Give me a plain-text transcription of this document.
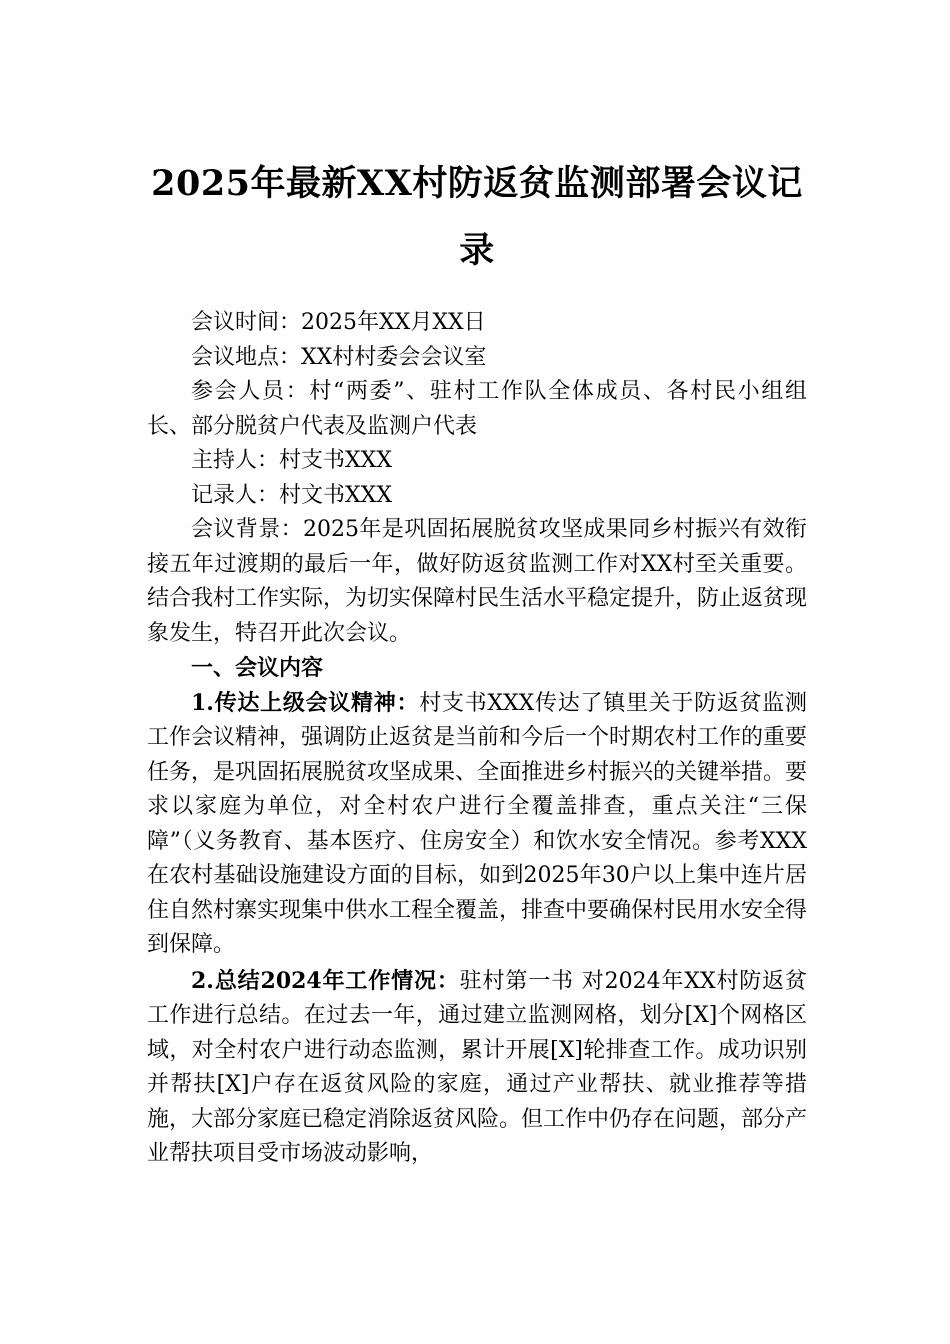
2025年最新XX村防返贫监测部署会议记录

会议时间：2025年XX月XX日

会议地点：XX村村委会会议室

参会人员：村“两委”、驻村工作队全体成员、各村民小组组长、部分脱贫户代表及监测户代表

主持人：村支书XXX

记录人：村文书XXX

会议背景：2025年是巩固拓展脱贫攻坚成果同乡村振兴有效衔接五年过渡期的最后一年，做好防返贫监测工作对XX村至关重要。结合我村工作实际，为切实保障村民生活水平稳定提升，防止返贫现象发生，特召开此次会议。

一、会议内容

1.传达上级会议精神：村支书XXX传达了镇里关于防返贫监测工作会议精神，强调防止返贫是当前和今后一个时期农村工作的重要任务，是巩固拓展脱贫攻坚成果、全面推进乡村振兴的关键举措。要求以家庭为单位，对全村农户进行全覆盖排查，重点关注“三保障”（义务教育、基本医疗、住房安全）和饮水安全情况。参考XXX在农村基础设施建设方面的目标，如到2025年30户以上集中连片居住自然村寨实现集中供水工程全覆盖，排查中要确保村民用水安全得到保障。

2.总结2024年工作情况：驻村第一书 对2024年XX村防返贫工作进行总结。在过去一年，通过建立监测网格，划分[X]个网格区域，对全村农户进行动态监测，累计开展[X]轮排查工作。成功识别并帮扶[X]户存在返贫风险的家庭，通过产业帮扶、就业推荐等措施，大部分家庭已稳定消除返贫风险。但工作中仍存在问题，部分产业帮扶项目受市场波动影响，
